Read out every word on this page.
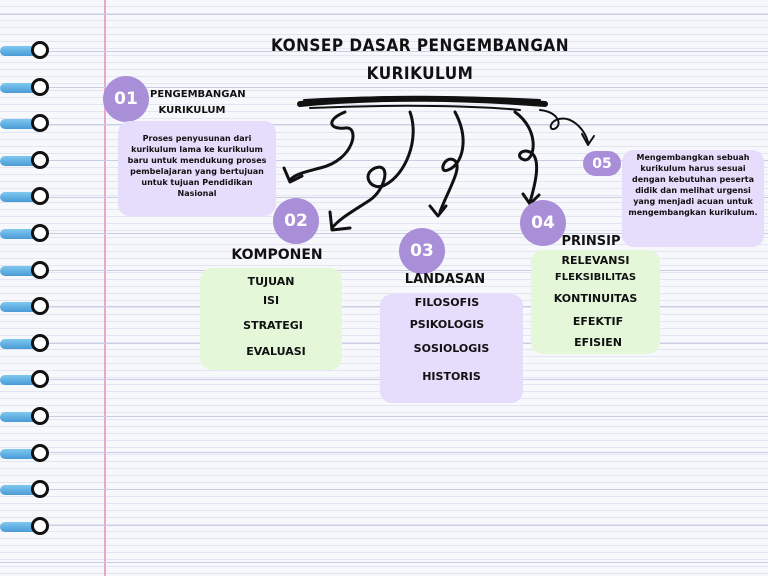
KONSEP DASAR PENGEMBANGAN
KURIKULUM
01	PENGEMBANGAN
KURIKULUM
Proses penyusunan dari kurikulum lama ke kurikulum baru untuk mendukung proses pembelajaran yang bertujuan untuk tujuan Pendidikan Nasional
02
KOMPONEN
TUJUAN
ISI
STRATEGI
EVALUASI
03
LANDASAN
FILOSOFIS
PSIKOLOGIS
SOSIOLOGIS
HISTORIS
04
PRINSIP
RELEVANSI
FLEKSIBILITAS
KONTINUITAS
EFEKTIF
EFISIEN
05	Mengembangkan sebuah kurikulum harus sesuai dengan kebutuhan peserta didik dan melihat urgensi yang menjadi acuan untuk mengembangkan kurikulum.
